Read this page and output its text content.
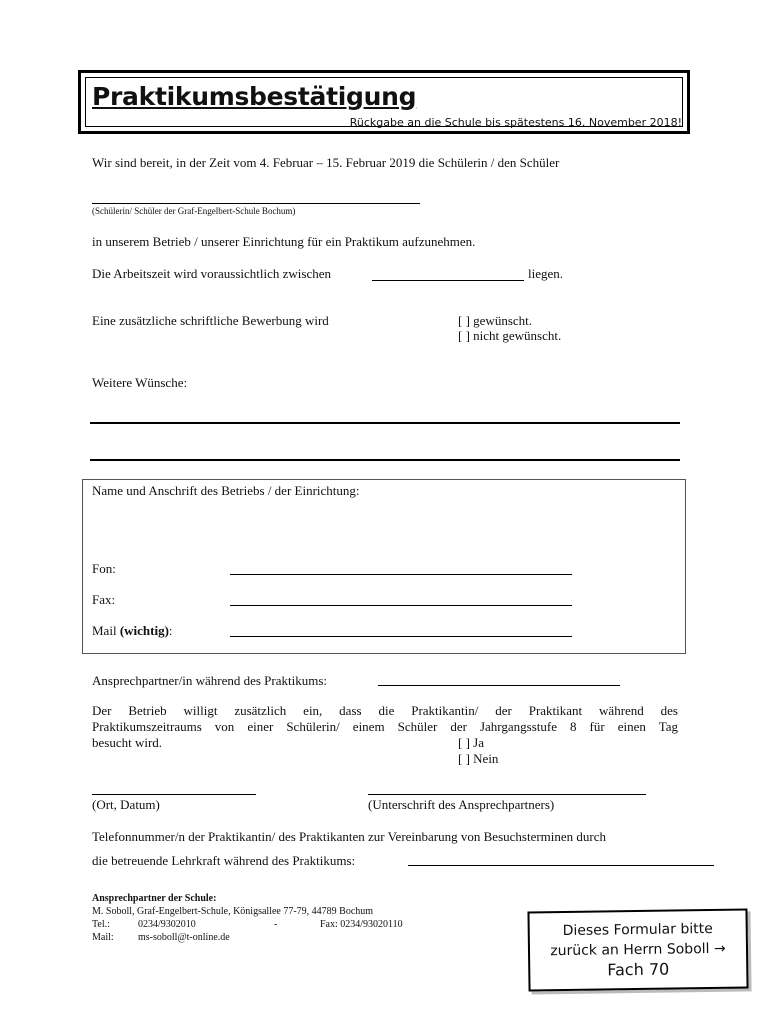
Praktikumsbestätigung
Rückgabe an die Schule bis spätestens 16. November 2018!
Wir sind bereit, in der Zeit vom 4. Februar – 15. Februar 2019 die Schülerin / den Schüler
(Schülerin/ Schüler der Graf-Engelbert-Schule Bochum)
in unserem Betrieb / unserer Einrichtung für ein Praktikum aufzunehmen.
Die Arbeitszeit wird voraussichtlich zwischen	liegen.
Eine zusätzliche schriftliche Bewerbung wird	[ ] gewünscht.
[ ] nicht gewünscht.
Weitere Wünsche:
Name und Anschrift des Betriebs / der Einrichtung:
Fon:
Fax:
Mail (wichtig):
Ansprechpartner/in während des Praktikums:
Der Betrieb willigt zusätzlich ein, dass die Praktikantin/ der Praktikant während des
Praktikumszeitraums von einer Schülerin/ einem Schüler der Jahrgangsstufe 8 für einen Tag
besucht wird.	[ ] Ja
[ ] Nein
(Ort, Datum)	(Unterschrift des Ansprechpartners)
Telefonnummer/n der Praktikantin/ des Praktikanten zur Vereinbarung von Besuchsterminen durch
die betreuende Lehrkraft während des Praktikums:
Ansprechpartner der Schule:
M. Soboll, Graf-Engelbert-Schule, Königsallee 77-79, 44789 Bochum
Tel.:	0234/9302010	-	Fax: 0234/93020110
Mail: ms-soboll@t-online.de	Dieses Formular bitte
zurück an Herrn Soboll →
Fach 70
